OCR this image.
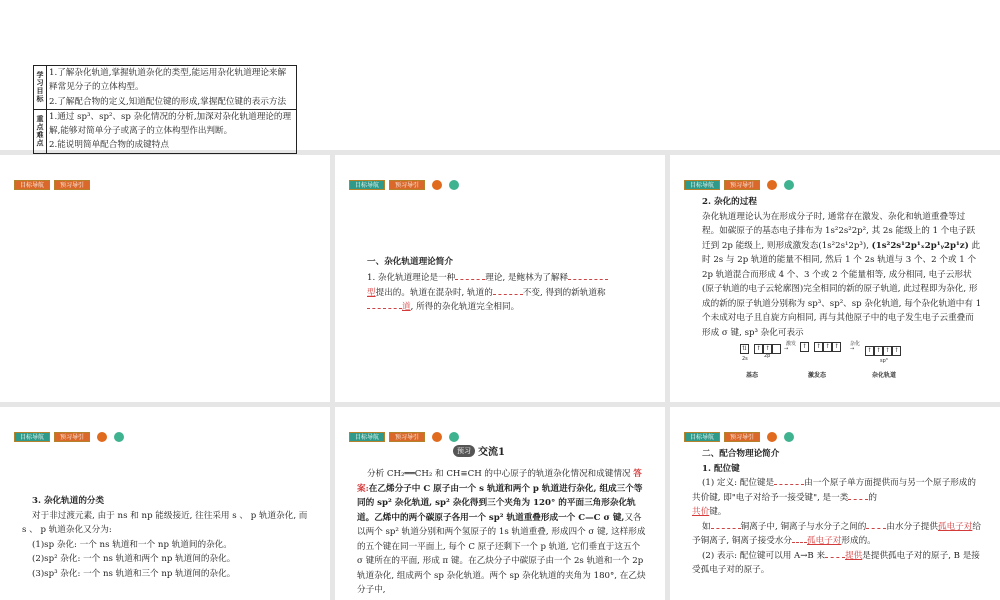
目标导航	预习导引
学习目标	1.了解杂化轨道,掌握轨道杂化的类型,能运用杂化轨道理论来解释常见分子的立体构型。
2.了解配合物的定义,知道配位键的形成,掌握配位键的表示方法

重点难点	1.通过 sp³、sp²、sp 杂化情况的分析,加深对杂化轨道理论的理解,能够对简单分子或离子的立体构型作出判断。
2.能说明简单配合物的成键特点
目标导航	预习导引
一、杂化轨道理论简介
1. 杂化轨道理论是一种	理论, 是鲍林为了解释
型提出的。轨道在混杂时, 轨道的	不变, 得到的新轨道称
道, 所得的杂化轨道完全相同。
目标导航	预习导引
2. 杂化的过程
杂化轨道理论认为在形成分子时, 通常存在激发、杂化和轨道重叠等过程。如碳原子的基态电子排布为 1s²2s²2p², 其 2s 能级上的 1 个电子跃迁到 2p 能级上, 则形成激发态(1s²2s¹2p³), (1s²2s¹2p¹ₓ2p¹ᵧ2p¹z) 此时 2s 与 2p 轨道的能量不相同, 然后 1 个 2s 轨道与 3 个、2 个或 1 个 2p 轨道混合而形成 4 个、3 个或 2 个能量相等, 成分相同, 电子云形状(原子轨道的电子云轮廓图)完全相同的新的原子轨道, 此过程即为杂化, 形成的新的原子轨道分别称为 sp³、sp²、sp 杂化轨道, 每个杂化轨道中有 1 个未成对电子且自旋方向相同, 再与其他原子中的电子发生电子云重叠而形成 σ 键, sp³ 杂化可表示
⇅ ↑ ↑
2s	2p
激发
→	↑ ↑ ↑ ↑	杂化
→	↑ ↑ ↑ ↑
sp³
基态	激发态	杂化轨道
目标导航	预习导引
3. 杂化轨道的分类
对于非过渡元素, 由于 ns 和 np 能级接近, 往往采用 s 、 p 轨道杂化, 而 s 、 p 轨道杂化又分为:
(1)sp 杂化: 一个 ns 轨道和一个 np 轨道间的杂化。
(2)sp² 杂化: 一个 ns 轨道和两个 np 轨道间的杂化。
(3)sp³ 杂化: 一个 ns 轨道和三个 np 轨道间的杂化。
目标导航	预习导引
预习 交流1
分析 CH₂══CH₂ 和 CH≡CH 的中心原子的轨道杂化情况和成键情况 答案:在乙烯分子中 C 原子由一个 s 轨道和两个 p 轨道进行杂化, 组成三个等同的 sp² 杂化轨道, sp² 杂化得到三个夹角为 120° 的平面三角形杂化轨道。乙烯中的两个碳原子各用一个 sp² 轨道重叠形成一个 C—C σ 键,又各以两个 sp² 轨道分别和两个氢原子的 1s 轨道重叠, 形成四个 σ 键, 这样形成的五个键在同一平面上, 每个 C 原子还剩下一个 p 轨道, 它们垂直于这五个 σ 键所在的平面, 形成 π 键。在乙炔分子中碳原子由一个 2s 轨道和一个 2p 轨道杂化, 组成两个 sp 杂化轨道。两个 sp 杂化轨道的夹角为 180°, 在乙炔分子中,
目标导航	预习导引
二、配合物理论简介
1. 配位键
(1) 定义: 配位键是	由一个原子单方面提供而与另一个原子形成的共价键, 即"电子对给予一接受键", 是一类 的
共价键。
如	铜离子中, 铜离子与水分子之间的 由水分子提供孤电子对给予铜离子, 铜离子接受水分 孤电子对形成的。
(2) 表示: 配位键可以用 A→B 来 提供是提供孤电子对的原子, B 是接受孤电子对的原子。
